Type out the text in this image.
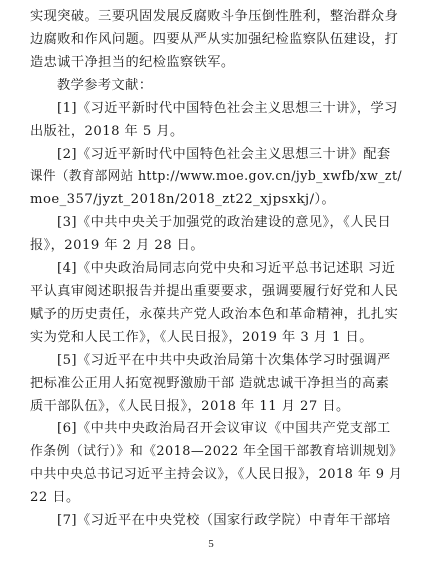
实现突破。三要巩固发展反腐败斗争压倒性胜利，整治群众身
边腐败和作风问题。四要从严从实加强纪检监察队伍建设，打
造忠诚干净担当的纪检监察铁军。
教学参考文献：
[1]《习近平新时代中国特色社会主义思想三十讲》，学习
出版社，2018 年 5 月。
[2]《习近平新时代中国特色社会主义思想三十讲》配套
课件（教育部网站 http://www.moe.gov.cn/jyb_xwfb/xw_zt/
moe_357/jyzt_2018n/2018_zt22_xjpsxkj/）。
[3]《中共中央关于加强党的政治建设的意见》，《人民日
报》，2019 年 2 月 28 日。
[4]《中央政治局同志向党中央和习近平总书记述职 习近
平认真审阅述职报告并提出重要要求，强调要履行好党和人民
赋予的历史责任，永葆共产党人政治本色和革命精神，扎扎实
实为党和人民工作》，《人民日报》，2019 年 3 月 1 日。
[5]《习近平在中共中央政治局第十次集体学习时强调严
把标准公正用人拓宽视野激励干部 造就忠诚干净担当的高素
质干部队伍》，《人民日报》，2018 年 11 月 27 日。
[6]《中共中央政治局召开会议审议《中国共产党支部工
作条例（试行）》和《2018—2022 年全国干部教育培训规划》
中共中央总书记习近平主持会议》，《人民日报》，2018 年 9 月
22 日。
[7]《习近平在中央党校（国家行政学院）中青年干部培
5
